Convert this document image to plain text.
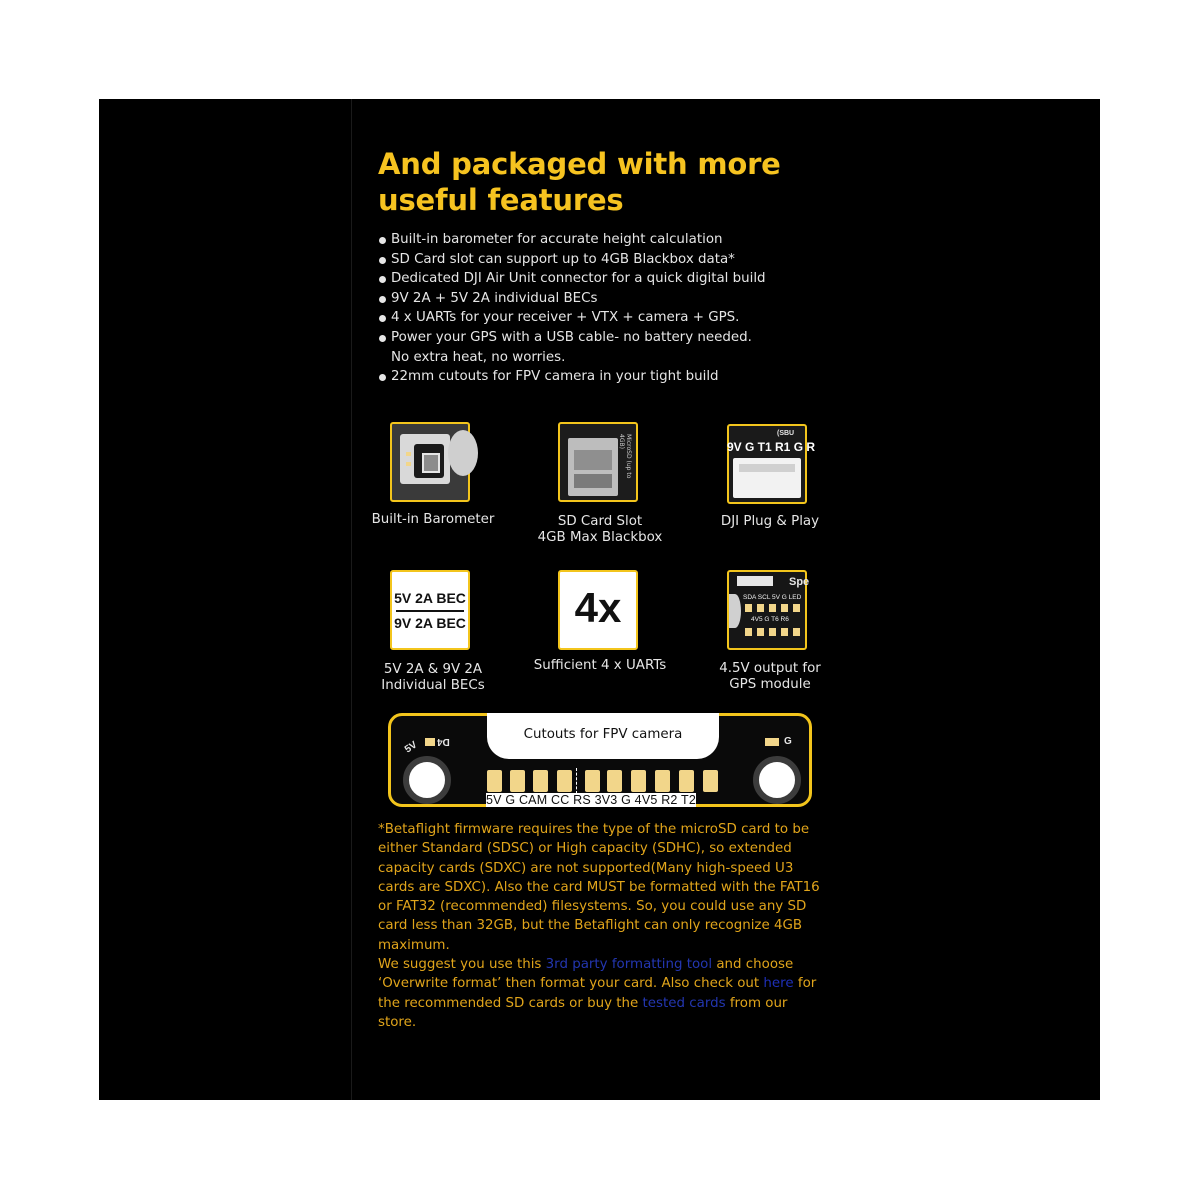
And packaged with more
useful features
Built-in barometer for accurate height calculation
SD Card slot can support up to 4GB Blackbox data*
Dedicated DJI Air Unit connector for a quick digital build
9V 2A + 5V 2A individual BECs
4 x UARTs for your receiver + VTX + camera + GPS.
Power your GPS with a USB cable- no battery needed.
No extra heat, no worries.
22mm cutouts for FPV camera in your tight build
Built-in Barometer
MicroSD (up to 4GB)
SD Card Slot
4GB Max Blackbox
(SBU
9V G T1 R1 G R
DJI Plug & Play
5V 2A BEC
9V 2A BEC
5V 2A & 9V 2A
Individual BECs
4x
Sufficient 4 x UARTs
Spe
SDA SCL 5V G LED
4V5 G T6 R6
4.5V output for
GPS module
Cutouts for FPV camera
5V D4	G
5V G CAM CC RS 3V3 G 4V5 R2 T2
*Betaflight firmware requires the type of the microSD card to be either Standard (SDSC) or High capacity (SDHC), so extended capacity cards (SDXC) are not supported(Many high-speed U3 cards are SDXC). Also the card MUST be formatted with the FAT16 or FAT32 (recommended) filesystems. So, you could use any SD card less than 32GB, but the Betaflight can only recognize 4GB maximum.
We suggest you use this 3rd party formatting tool and choose ‘Overwrite format’ then format your card. Also check out here for the recommended SD cards or buy the tested cards from our store.
